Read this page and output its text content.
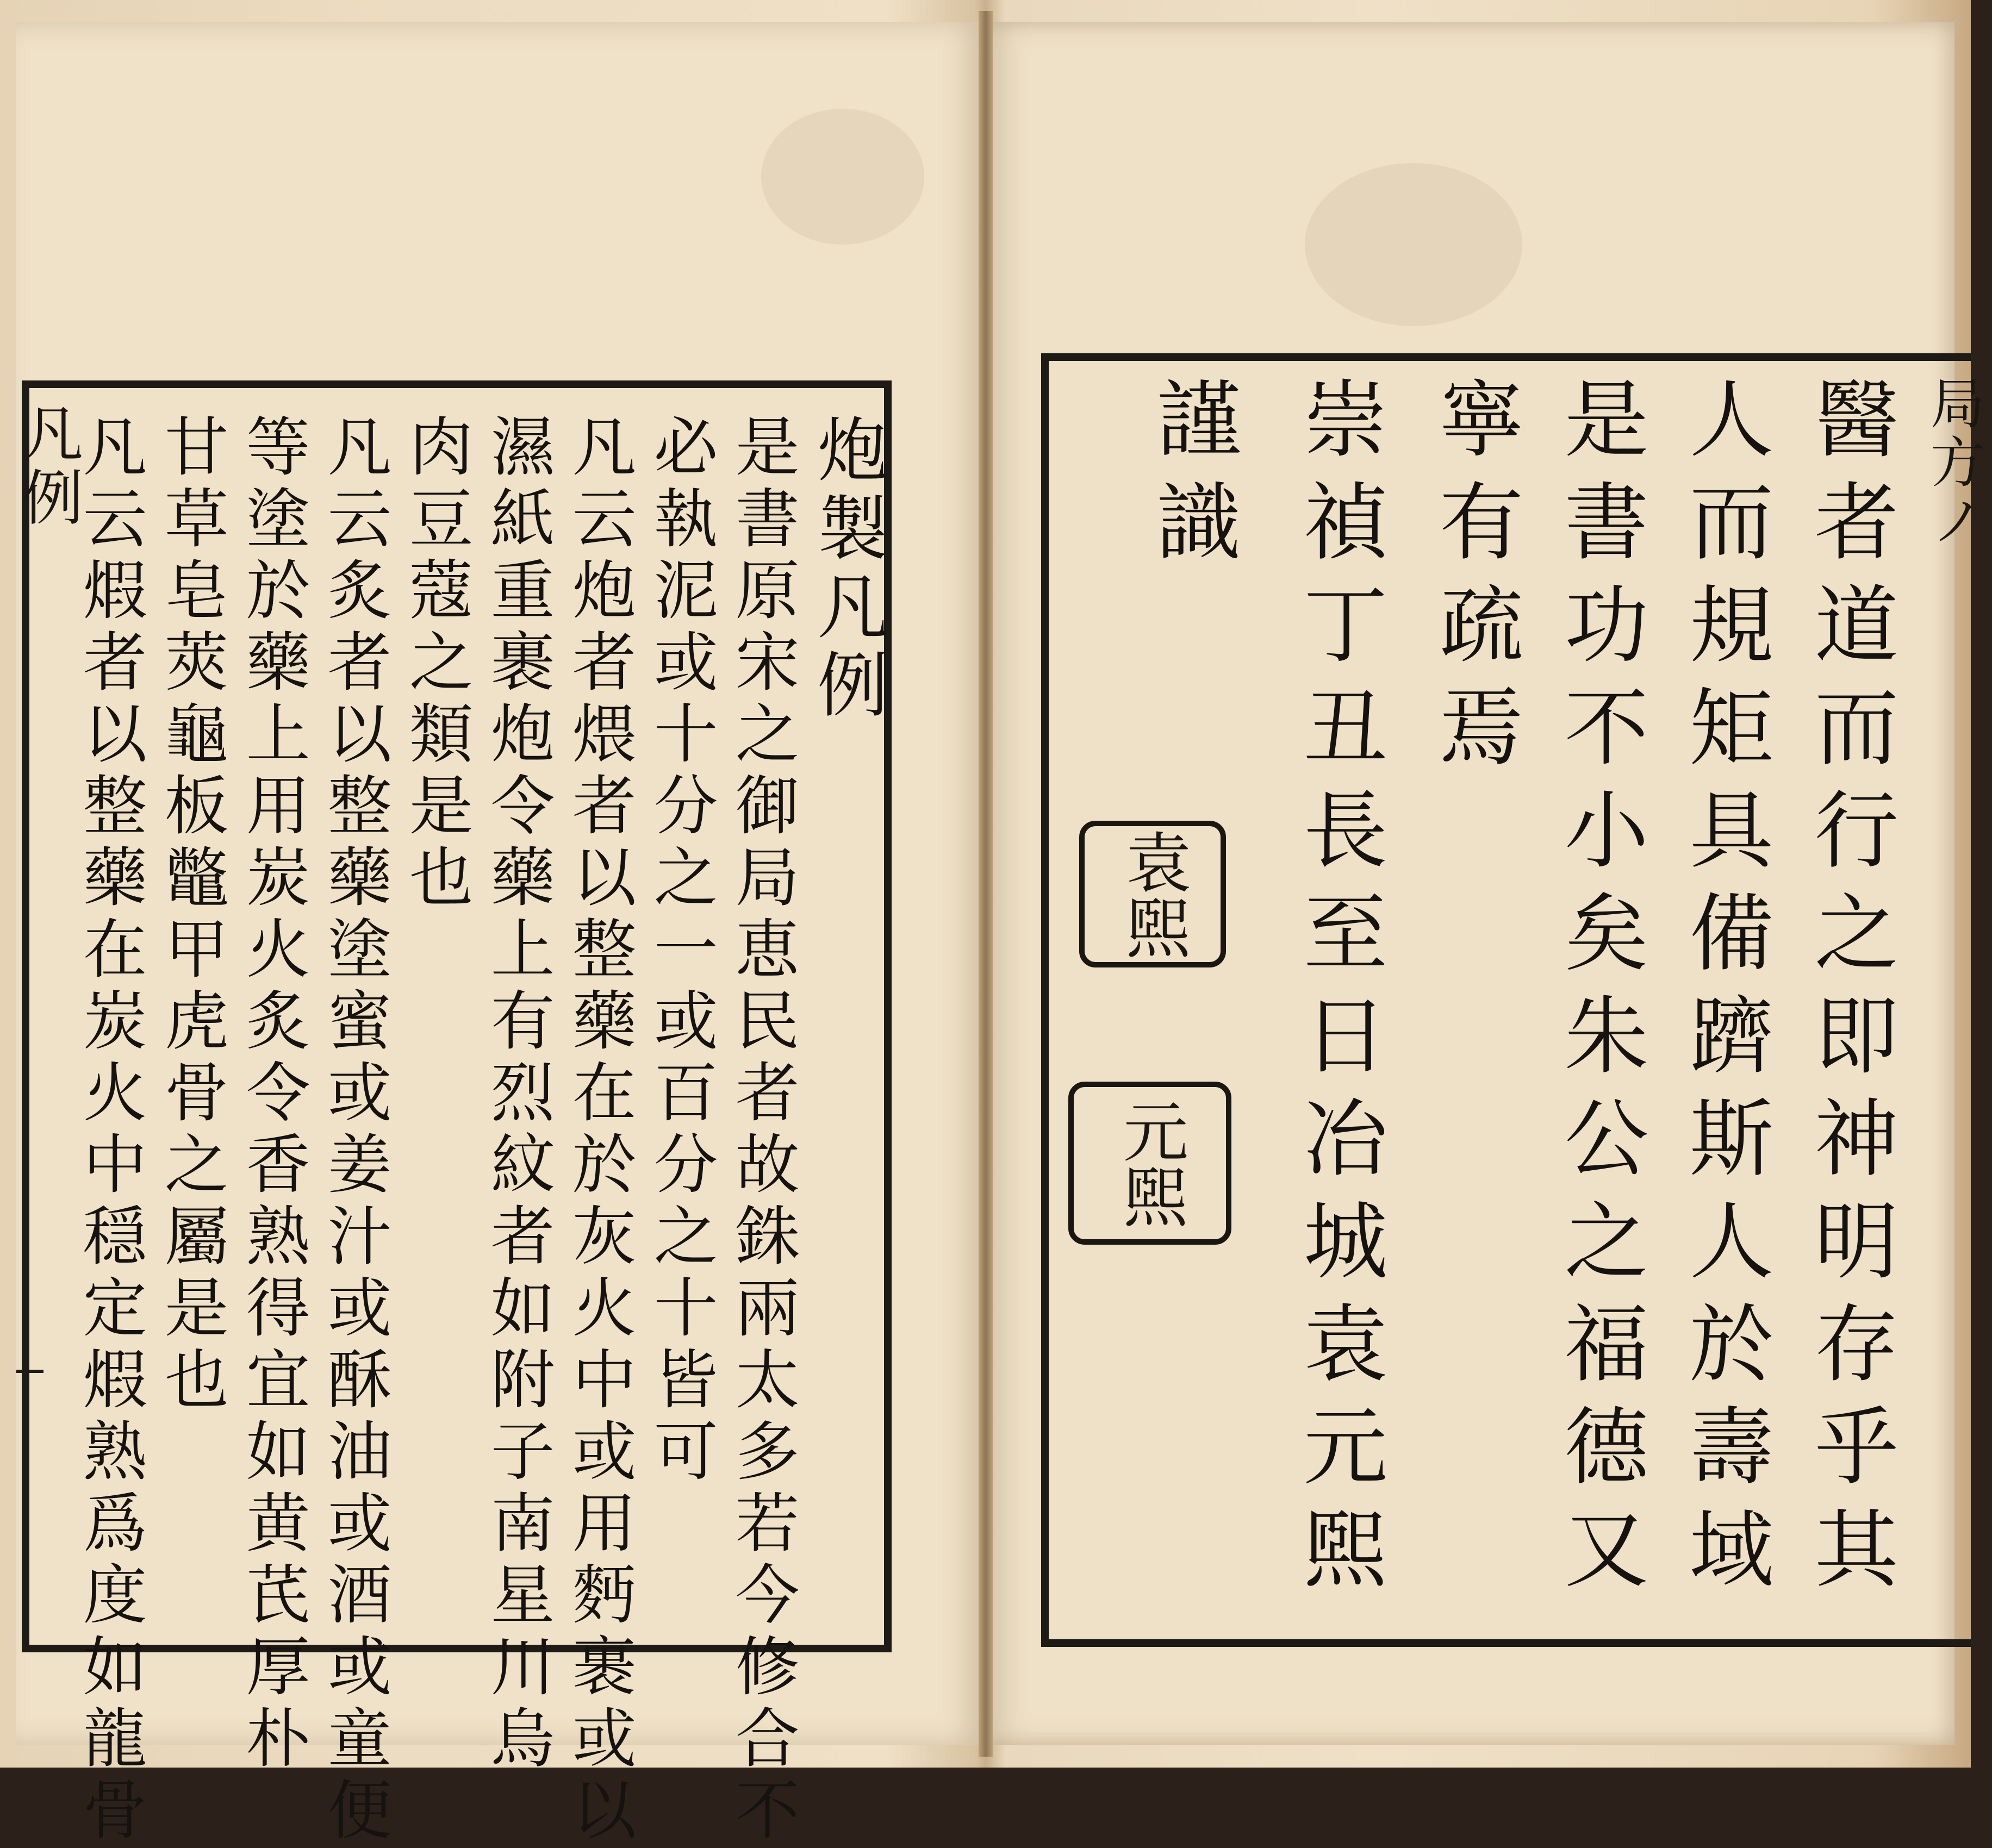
凡例	炮製凡例
是書原宋之御局恵民者故銖兩太多若今修合不
必執泥或十分之一或百分之十皆可
凡云炮者煨者以整藥在於灰火中或用麪裹或以
濕紙重裹炮令藥上有烈紋者如附子南星川烏
肉豆蔻之類是也
凡云炙者以整藥塗蜜或姜汁或酥油或酒或童便
等塗於藥上用炭火炙令香熟得宜如黄芪厚朴
甘草皂莢龜板鼈甲虎骨之屬是也
凡云煆者以整藥在炭火中穏定煆熟爲度如龍骨	局方ノ
醫者道而行之即神明存乎其
人而規矩具備躋斯人於壽域
是書功不小矣朱公之福德又
寧有疏焉
崇禎丁丑長至日冶城袁元煕
謹識
袁煕
元煕
